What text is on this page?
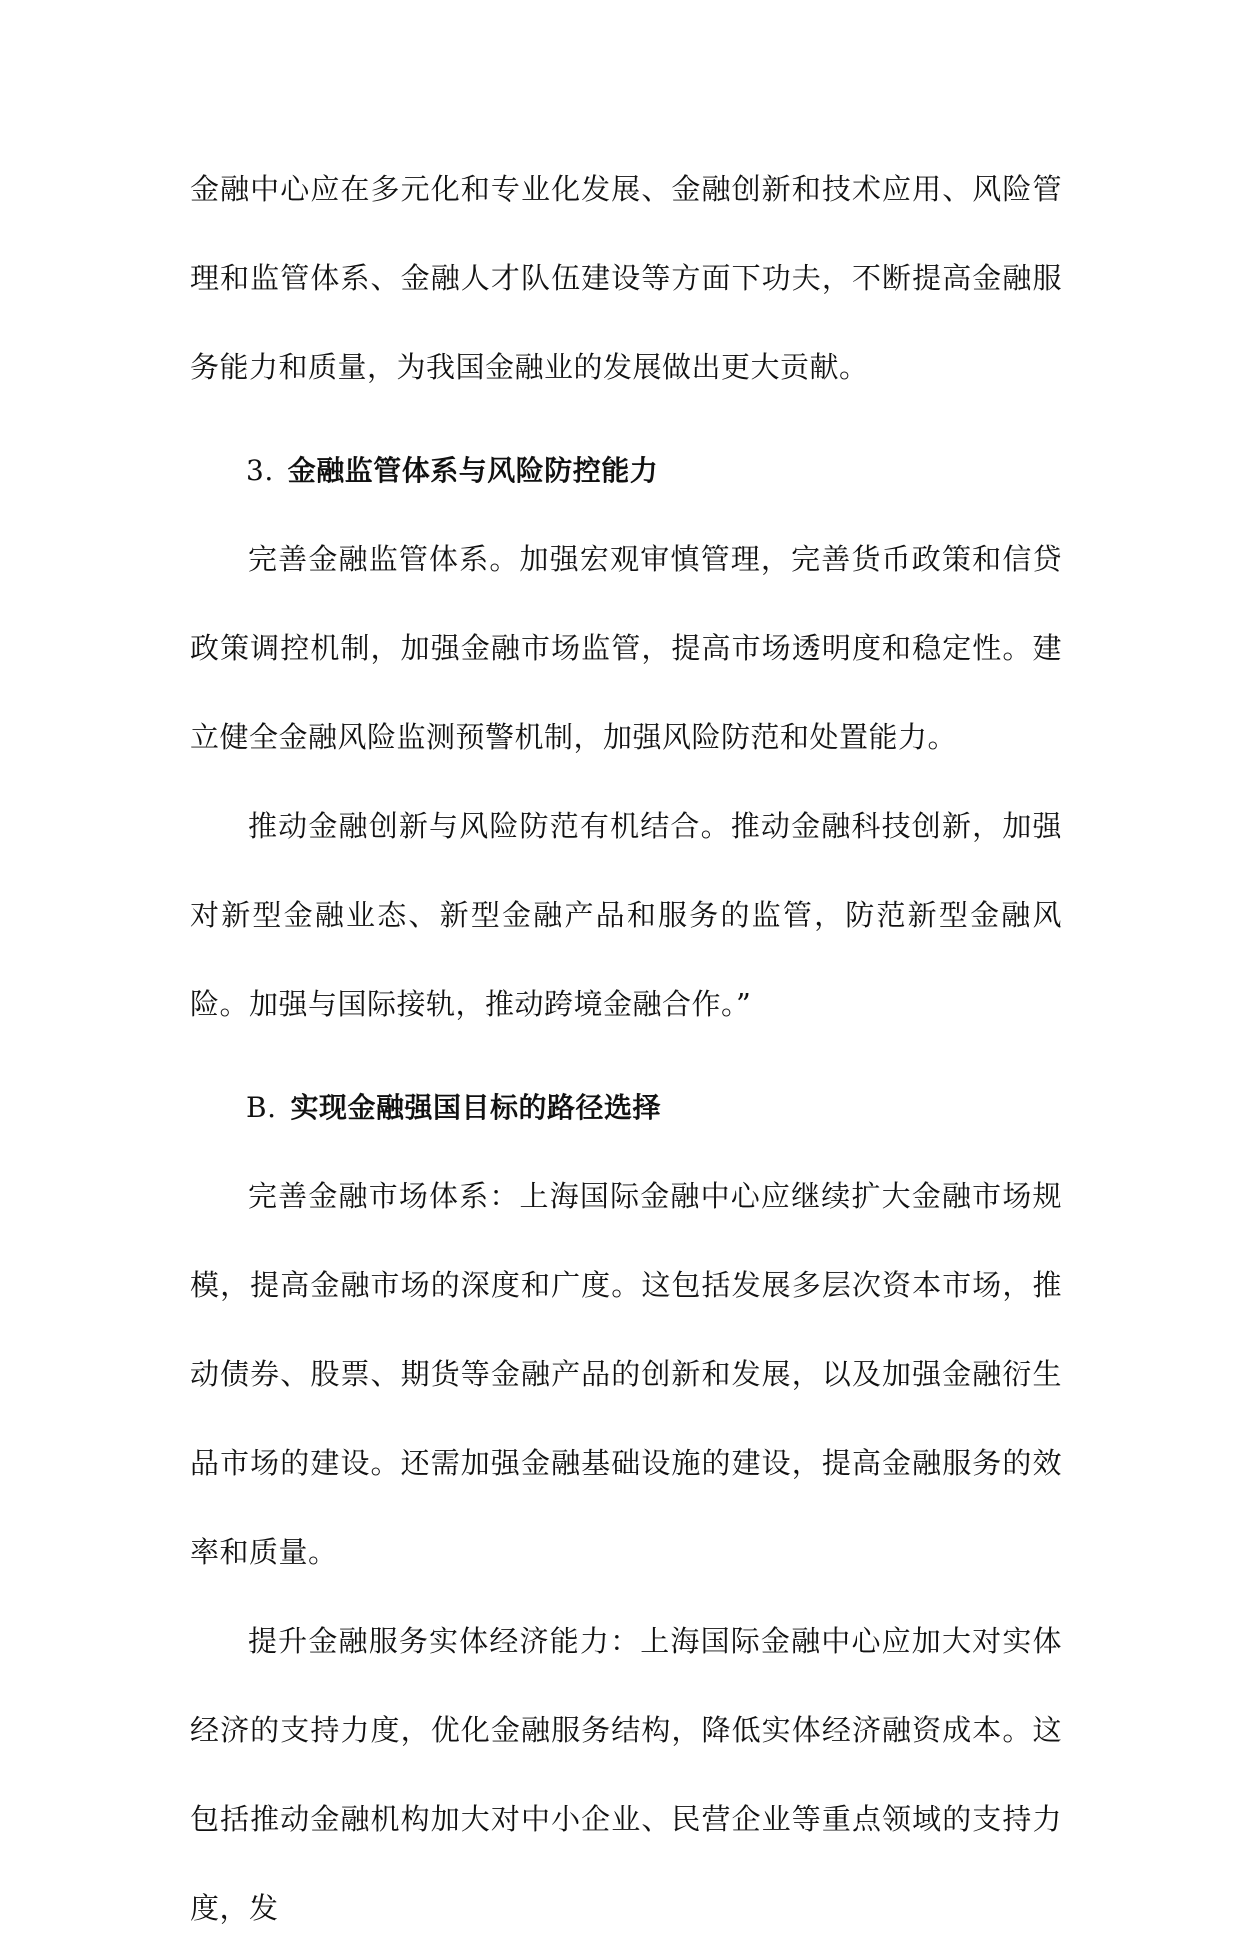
金融中心应在多元化和专业化发展、金融创新和技术应用、风险管理和监管体系、金融人才队伍建设等方面下功夫，不断提高金融服务能力和质量，为我国金融业的发展做出更大贡献。

3. 金融监管体系与风险防控能力

完善金融监管体系。加强宏观审慎管理，完善货币政策和信贷政策调控机制，加强金融市场监管，提高市场透明度和稳定性。建立健全金融风险监测预警机制，加强风险防范和处置能力。

推动金融创新与风险防范有机结合。推动金融科技创新，加强对新型金融业态、新型金融产品和服务的监管，防范新型金融风险。加强与国际接轨，推动跨境金融合作。”

B. 实现金融强国目标的路径选择

完善金融市场体系：上海国际金融中心应继续扩大金融市场规模，提高金融市场的深度和广度。这包括发展多层次资本市场，推动债券、股票、期货等金融产品的创新和发展，以及加强金融衍生品市场的建设。还需加强金融基础设施的建设，提高金融服务的效率和质量。

提升金融服务实体经济能力：上海国际金融中心应加大对实体经济的支持力度，优化金融服务结构，降低实体经济融资成本。这包括推动金融机构加大对中小企业、民营企业等重点领域的支持力度，发
